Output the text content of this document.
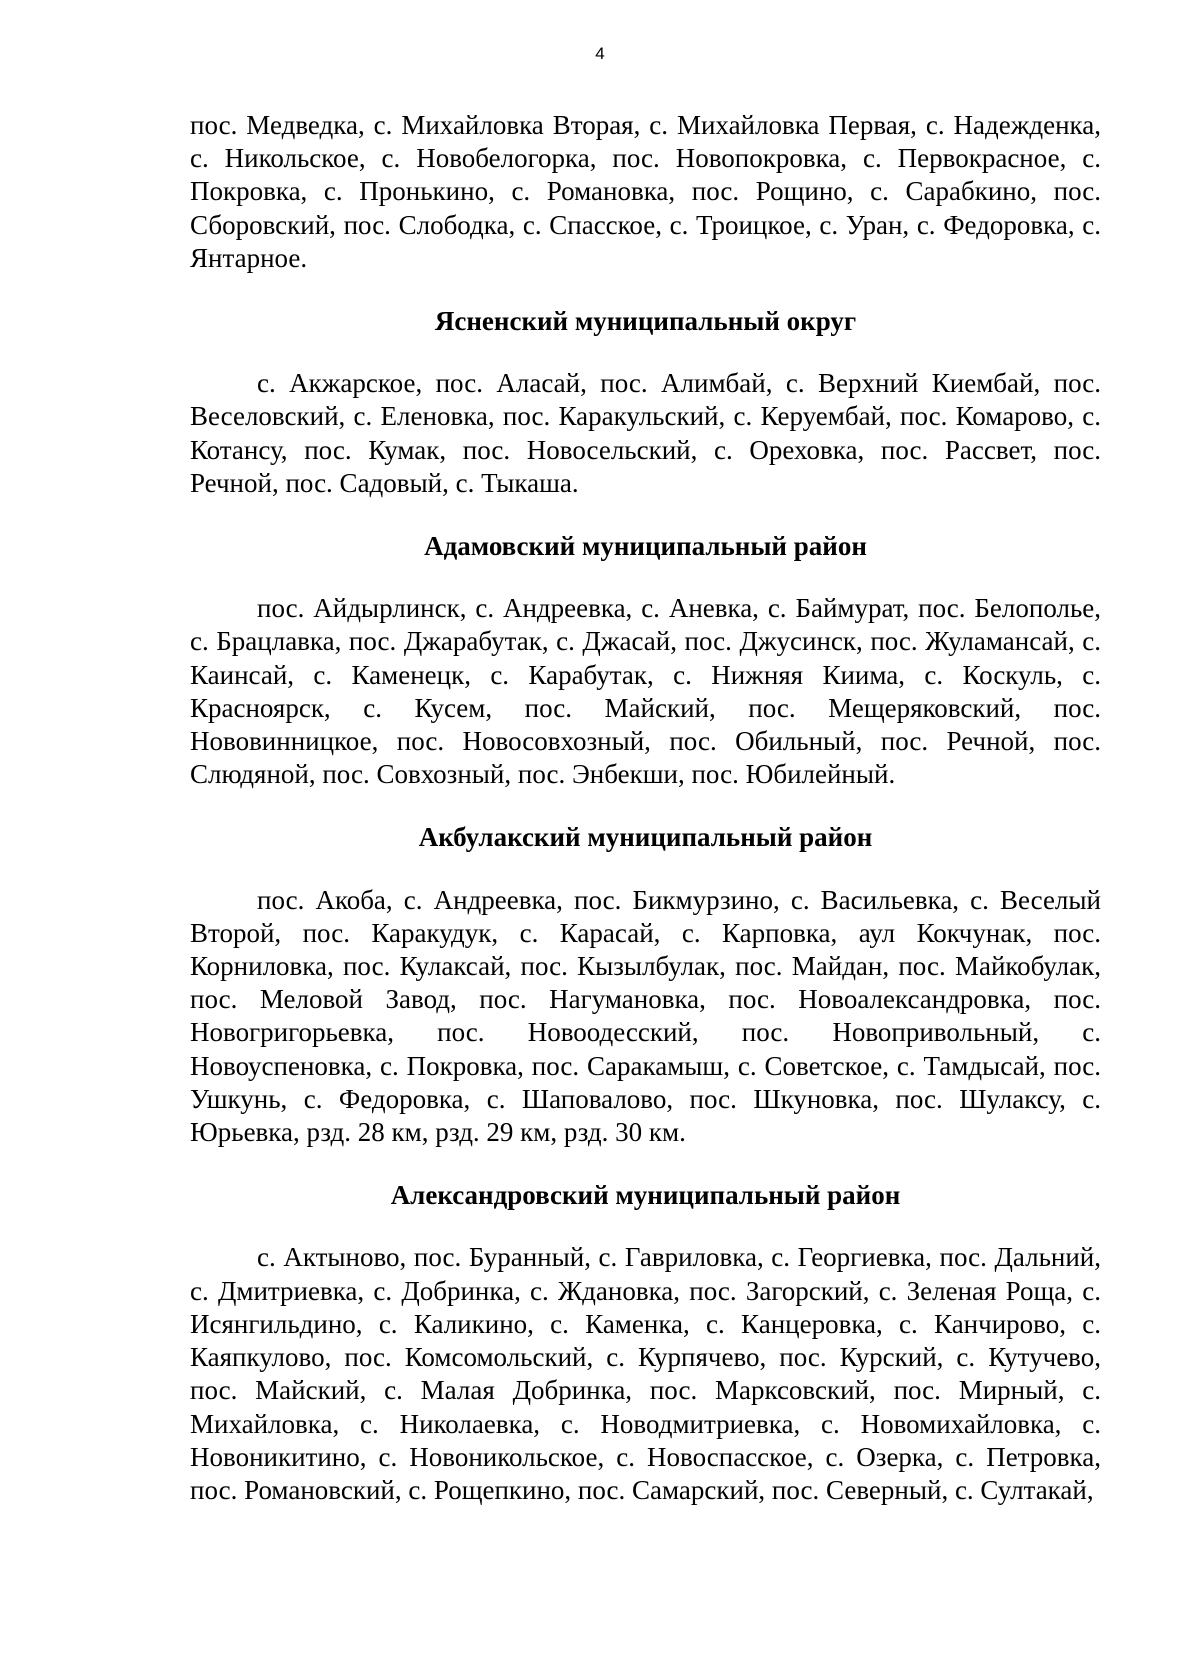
4

пос. Медведка, с. Михайловка Вторая, с. Михайловка Первая, с. Надежденка, с. Никольское, с. Новобелогорка, пос. Новопокровка, с. Первокрасное, с. Покровка, с. Пронькино, с. Романовка, пос. Рощино, с. Сарабкино, пос. Сборовский, пос. Слободка, с. Спасское, с. Троицкое, с. Уран, с. Федоровка, с. Янтарное.

Ясненский муниципальный округ

с. Акжарское, пос. Аласай, пос. Алимбай, с. Верхний Киембай, пос. Веселовский, с. Еленовка, пос. Каракульский, с. Керуембай, пос. Комарово, с. Котансу, пос. Кумак, пос. Новосельский, с. Ореховка, пос. Рассвет, пос. Речной, пос. Садовый, с. Тыкаша.

Адамовский муниципальный район

пос. Айдырлинск, с. Андреевка, с. Аневка, с. Баймурат, пос. Белополье, с. Брацлавка, пос. Джарабутак, с. Джасай, пос. Джусинск, пос. Жуламансай, с. Каинсай, с. Каменецк, с. Карабутак, с. Нижняя Киима, с. Коскуль, с. Красноярск, с. Кусем, пос. Майский, пос. Мещеряковский, пос. Нововинницкое, пос. Новосовхозный, пос. Обильный, пос. Речной, пос. Слюдяной, пос. Совхозный, пос. Энбекши, пос. Юбилейный.

Акбулакский муниципальный район

пос. Акоба, с. Андреевка, пос. Бикмурзино, с. Васильевка, с. Веселый Второй, пос. Каракудук, с. Карасай, с. Карповка, аул Кокчунак, пос. Корниловка, пос. Кулаксай, пос. Кызылбулак, пос. Майдан, пос. Майкобулак, пос. Меловой Завод, пос. Нагумановка, пос. Новоалександровка, пос. Новогригорьевка, пос. Новоодесский, пос. Новопривольный, с. Новоуспеновка, с. Покровка, пос. Саракамыш, с. Советское, с. Тамдысай, пос. Ушкунь, с. Федоровка, с. Шаповалово, пос. Шкуновка, пос. Шулаксу, с. Юрьевка, рзд. 28 км, рзд. 29 км, рзд. 30 км.

Александровский муниципальный район

с. Актыново, пос. Буранный, с. Гавриловка, с. Георгиевка, пос. Дальний, с. Дмитриевка, с. Добринка, с. Ждановка, пос. Загорский, с. Зеленая Роща, с. Исянгильдино, с. Каликино, с. Каменка, с. Канцеровка, с. Канчирово, с. Каяпкулово, пос. Комсомольский, с. Курпячево, пос. Курский, с. Кутучево, пос. Майский, с. Малая Добринка, пос. Марксовский, пос. Мирный, с. Михайловка, с. Николаевка, с. Новодмитриевка, с. Новомихайловка, с. Новоникитино, с. Новоникольское, с. Новоспасское, с. Озерка, с. Петровка, пос. Романовский, с. Рощепкино, пос. Самарский, пос. Северный, с. Султакай,
